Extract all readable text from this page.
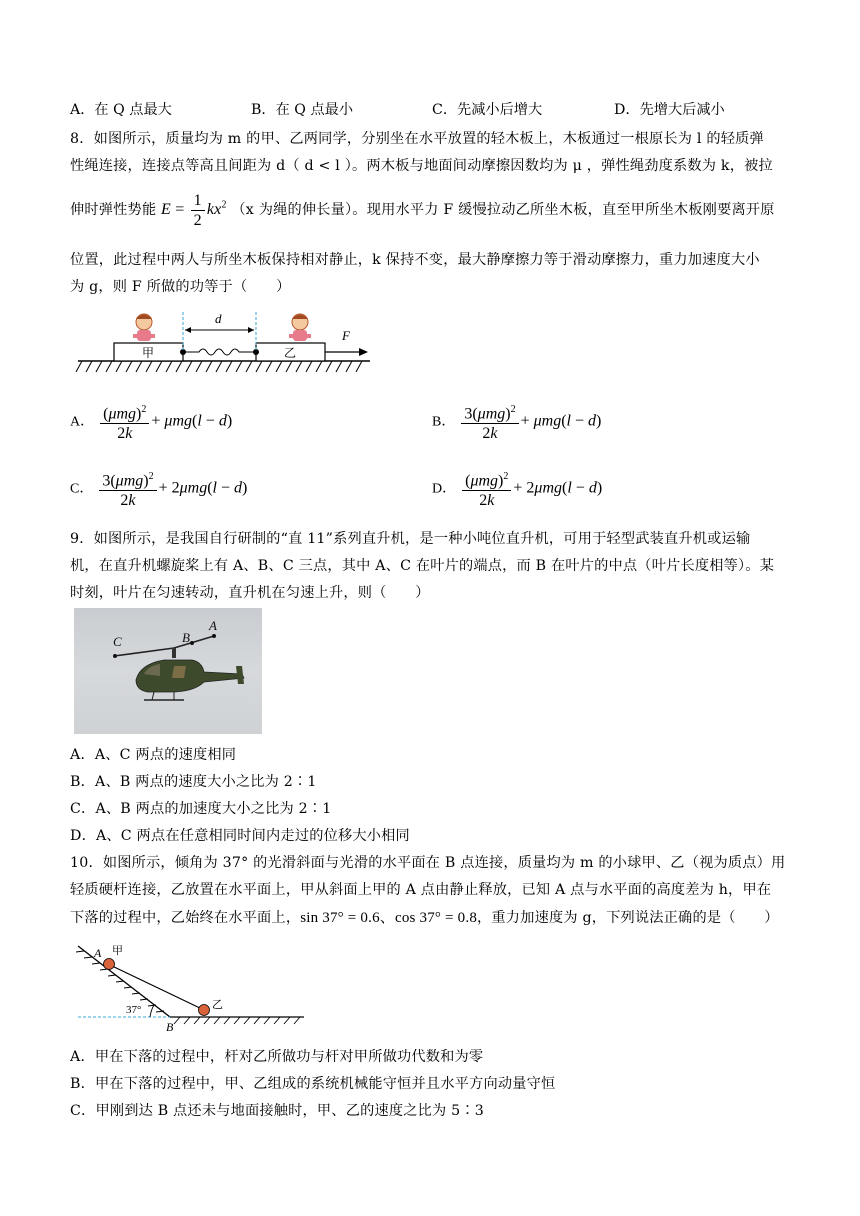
A．在 Q 点最大	B．在 Q 点最小	C．先减小后增大	D．先增大后减小
8．如图所示，质量均为 m 的甲、乙两同学，分别坐在水平放置的轻木板上，木板通过一根原长为 l 的轻质弹
性绳连接，连接点等高且间距为 d（ d < l ）。两木板与地面间动摩擦因数均为 μ ，弹性绳劲度系数为 k，被拉
伸时弹性势能 $E = \frac{1}{2} kx^2$ （x 为绳的伸长量）。现用水平力 F 缓慢拉动乙所坐木板，直至甲所坐木板刚要离开原
位置，此过程中两人与所坐木板保持相对静止，k 保持不变，最大静摩擦力等于滑动摩擦力，重力加速度大小
为 g，则 F 所做的功等于（　　）
甲	乙
d
F
A． $\frac{(\mu mg)^2}{2k} + \mu mg(l - d)$	B． $\frac{3(\mu mg)^2}{2k} + \mu mg(l - d)$
C． $\frac{3(\mu mg)^2}{2k} + 2\mu mg(l - d)$	D． $\frac{(\mu mg)^2}{2k} + 2\mu mg(l - d)$
9．如图所示，是我国自行研制的“直 11”系列直升机，是一种小吨位直升机，可用于轻型武装直升机或运输
机，在直升机螺旋桨上有 A、B、C 三点，其中 A、C 在叶片的端点，而 B 在叶片的中点（叶片长度相等）。某
时刻，叶片在匀速转动，直升机在匀速上升，则（　　）
C	B
A
A．A、C 两点的速度相同
B．A、B 两点的速度大小之比为 2∶1
C．A、B 两点的加速度大小之比为 2∶1
D．A、C 两点在任意相同时间内走过的位移大小相同
10．如图所示，倾角为 37° 的光滑斜面与光滑的水平面在 B 点连接，质量均为 m 的小球甲、乙（视为质点）用
轻质硬杆连接，乙放置在水平面上，甲从斜面上甲的 A 点由静止释放，已知 A 点与水平面的高度差为 h，甲在
下落的过程中，乙始终在水平面上，sin 37° = 0.6、cos 37° = 0.8，重力加速度为 g，下列说法正确的是（　　）
37°
A 甲
乙
B
A．甲在下落的过程中，杆对乙所做功与杆对甲所做功代数和为零
B．甲在下落的过程中，甲、乙组成的系统机械能守恒并且水平方向动量守恒
C．甲刚到达 B 点还未与地面接触时，甲、乙的速度之比为 5∶3
